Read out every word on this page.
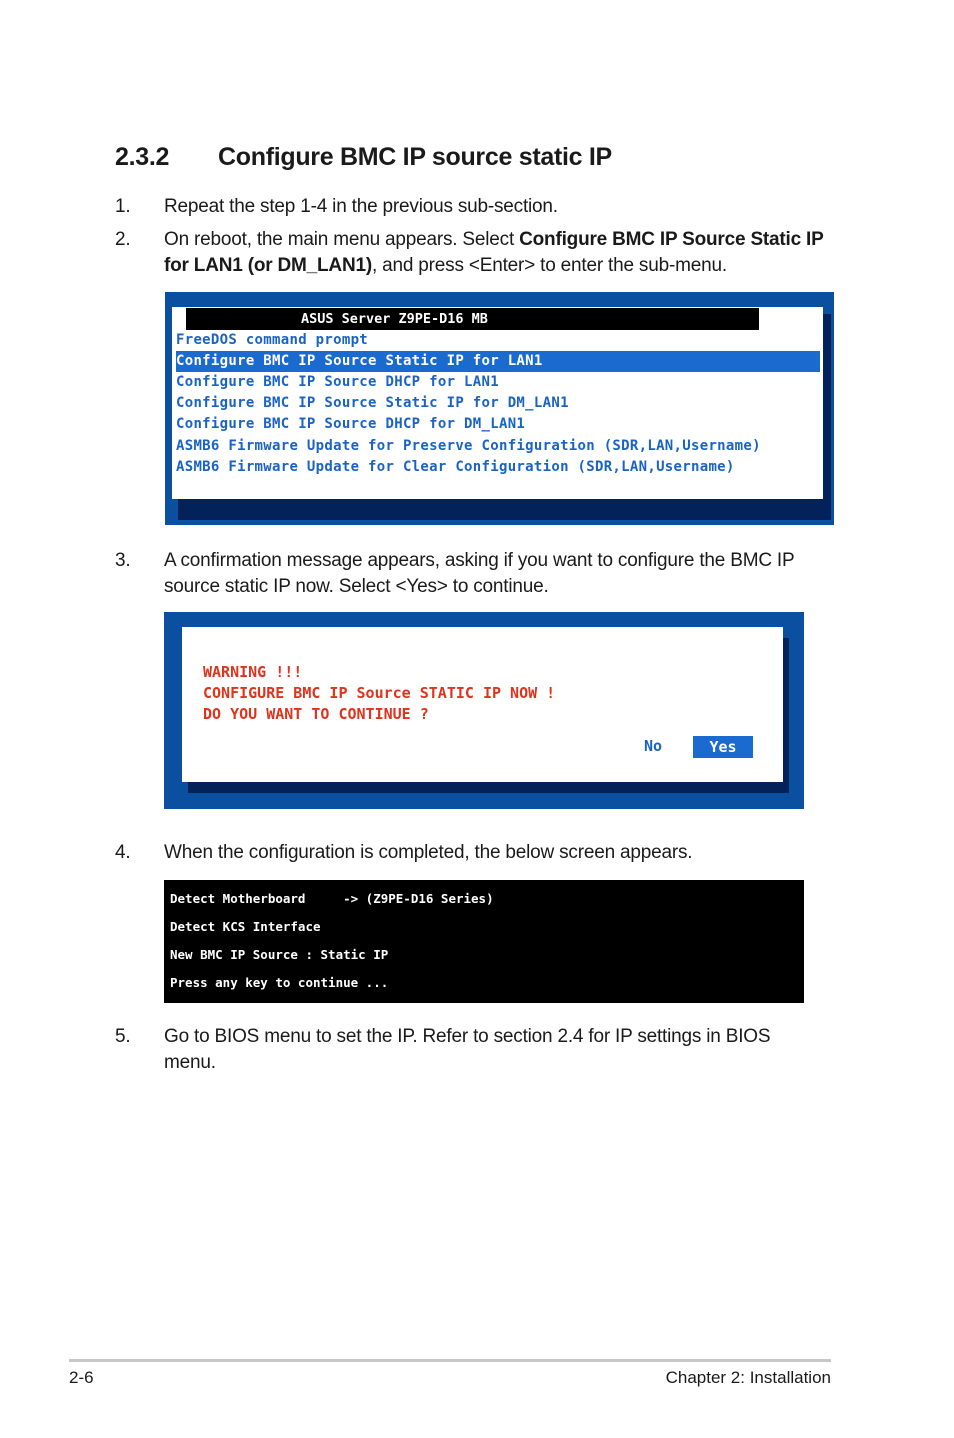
2.3.2 Configure BMC IP source static IP
1. Repeat the step 1-4 in the previous sub-section.
2. On reboot, the main menu appears. Select Configure BMC IP Source Static IP
for LAN1 (or DM_LAN1), and press <Enter> to enter the sub-menu.
ASUS Server Z9PE-D16 MB
FreeDOS command prompt
Configure BMC IP Source Static IP for LAN1
Configure BMC IP Source DHCP for LAN1
Configure BMC IP Source Static IP for DM_LAN1
Configure BMC IP Source DHCP for DM_LAN1
ASMB6 Firmware Update for Preserve Configuration (SDR,LAN,Username)
ASMB6 Firmware Update for Clear Configuration (SDR,LAN,Username)
3. A confirmation message appears, asking if you want to configure the BMC IP
source static IP now. Select <Yes> to continue.
WARNING !!!
CONFIGURE BMC IP Source STATIC IP NOW !
DO YOU WANT TO CONTINUE ?
No	Yes
4. When the configuration is completed, the below screen appears.
Detect Motherboard     -> (Z9PE-D16 Series)
Detect KCS Interface
New BMC IP Source : Static IP
Press any key to continue ...
5. Go to BIOS menu to set the IP. Refer to section 2.4 for IP settings in BIOS
menu.
2-6	Chapter 2: Installation
